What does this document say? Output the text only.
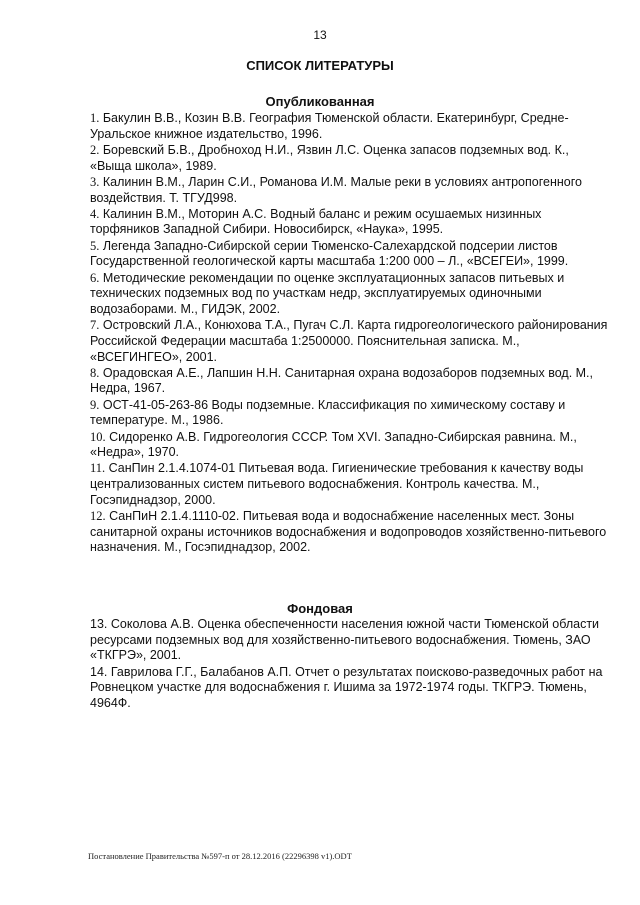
13
СПИСОК ЛИТЕРАТУРЫ
Опубликованная
1. Бакулин В.В., Козин В.В. География Тюменской области. Екатеринбург, Средне-Уральское книжное издательство, 1996.
2. Боревский Б.В., Дробноход Н.И., Язвин Л.С. Оценка запасов подземных вод. К., «Выща школа», 1989.
3. Калинин В.М., Ларин С.И., Романова И.М. Малые реки в условиях антропогенного воздействия. Т. ТГУД998.
4. Калинин В.М., Моторин А.С. Водный баланс и режим осушаемых низинных торфяников Западной Сибири. Новосибирск, «Наука», 1995.
5. Легенда Западно-Сибирской серии Тюменско-Салехардской подсерии листов Государственной геологической карты масштаба 1:200 000 – Л., «ВСЕГЕИ», 1999.
6. Методические рекомендации по оценке эксплуатационных запасов питьевых и технических подземных вод по участкам недр, эксплуатируемых одиночными водозаборами. М., ГИДЭК, 2002.
7. Островский Л.А., Конюхова Т.А., Пугач С.Л. Карта гидрогеологического районирования Российской Федерации масштаба 1:2500000. Пояснительная записка. М., «ВСЕГИНГЕО», 2001.
8. Орадовская А.Е., Лапшин Н.Н. Санитарная охрана водозаборов подземных вод. М., Недра, 1967.
9. ОСТ-41-05-263-86 Воды подземные. Классификация по химическому составу и температуре. М., 1986.
10. Сидоренко А.В. Гидрогеология СССР. Том XVI. Западно-Сибирская равнина. М., «Недра», 1970.
11. СанПин 2.1.4.1074-01 Питьевая вода. Гигиенические требования к качеству воды централизованных систем питьевого водоснабжения. Контроль качества. М., Госэпиднадзор, 2000.
12. СанПиН 2.1.4.1110-02. Питьевая вода и водоснабжение населенных мест. Зоны санитарной охраны источников водоснабжения и водопроводов хозяйственно-питьевого назначения. М., Госэпиднадзор, 2002.
Фондовая
13. Соколова А.В. Оценка обеспеченности населения южной части Тюменской области ресурсами подземных вод для хозяйственно-питьевого водоснабжения. Тюмень, ЗАО «ТКГРЭ», 2001.
14. Гаврилова Г.Г., Балабанов А.П. Отчет о результатах поисково-разведочных работ на Ровнецком участке для водоснабжения г. Ишима за 1972-1974 годы. ТКГРЭ. Тюмень, 4964Ф.
Постановление Правительства №597-п от 28.12.2016 (22296398 v1).ODT
